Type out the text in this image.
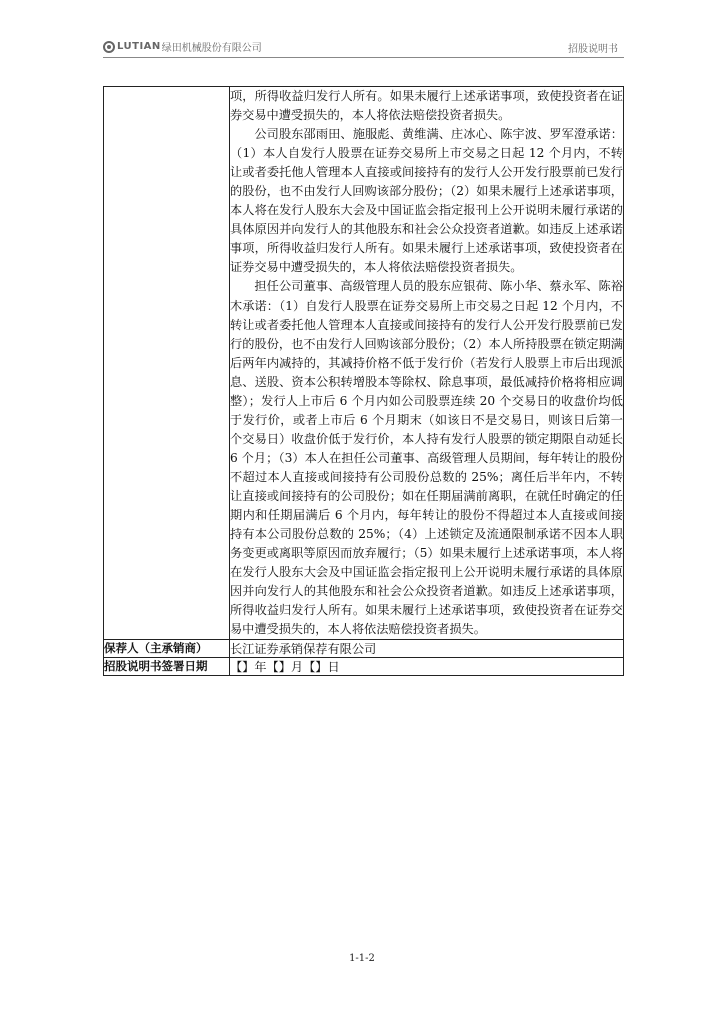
LUTIAN 绿田机械股份有限公司	招股说明书

	项，所得收益归发行人所有。如果未履行上述承诺事项，致使投资者在证券交易中遭受损失的，本人将依法赔偿投资者损失。

公司股东邵雨田、施服彪、黄维满、庄冰心、陈宇波、罗军澄承诺：（1）本人自发行人股票在证券交易所上市交易之日起 12 个月内，不转让或者委托他人管理本人直接或间接持有的发行人公开发行股票前已发行的股份，也不由发行人回购该部分股份；（2）如果未履行上述承诺事项，本人将在发行人股东大会及中国证监会指定报刊上公开说明未履行承诺的具体原因并向发行人的其他股东和社会公众投资者道歉。如违反上述承诺事项，所得收益归发行人所有。如果未履行上述承诺事项，致使投资者在证券交易中遭受损失的，本人将依法赔偿投资者损失。

担任公司董事、高级管理人员的股东应银荷、陈小华、蔡永军、陈裕木承诺：（1）自发行人股票在证券交易所上市交易之日起 12 个月内，不转让或者委托他人管理本人直接或间接持有的发行人公开发行股票前已发行的股份，也不由发行人回购该部分股份；（2）本人所持股票在锁定期满后两年内减持的，其减持价格不低于发行价（若发行人股票上市后出现派息、送股、资本公积转增股本等除权、除息事项，最低减持价格将相应调整）；发行人上市后 6 个月内如公司股票连续 20 个交易日的收盘价均低于发行价，或者上市后 6 个月期末（如该日不是交易日，则该日后第一个交易日）收盘价低于发行价，本人持有发行人股票的锁定期限自动延长 6 个月；（3）本人在担任公司董事、高级管理人员期间，每年转让的股份不超过本人直接或间接持有公司股份总数的 25%；离任后半年内，不转让直接或间接持有的公司股份；如在任期届满前离职，在就任时确定的任期内和任期届满后 6 个月内，每年转让的股份不得超过本人直接或间接持有本公司股份总数的 25%；（4）上述锁定及流通限制承诺不因本人职务变更或离职等原因而放弃履行；（5）如果未履行上述承诺事项，本人将在发行人股东大会及中国证监会指定报刊上公开说明未履行承诺的具体原因并向发行人的其他股东和社会公众投资者道歉。如违反上述承诺事项，所得收益归发行人所有。如果未履行上述承诺事项，致使投资者在证券交易中遭受损失的，本人将依法赔偿投资者损失。

保荐人（主承销商）	长江证券承销保荐有限公司
招股说明书签署日期	【】年【】月【】日
1-1-2
